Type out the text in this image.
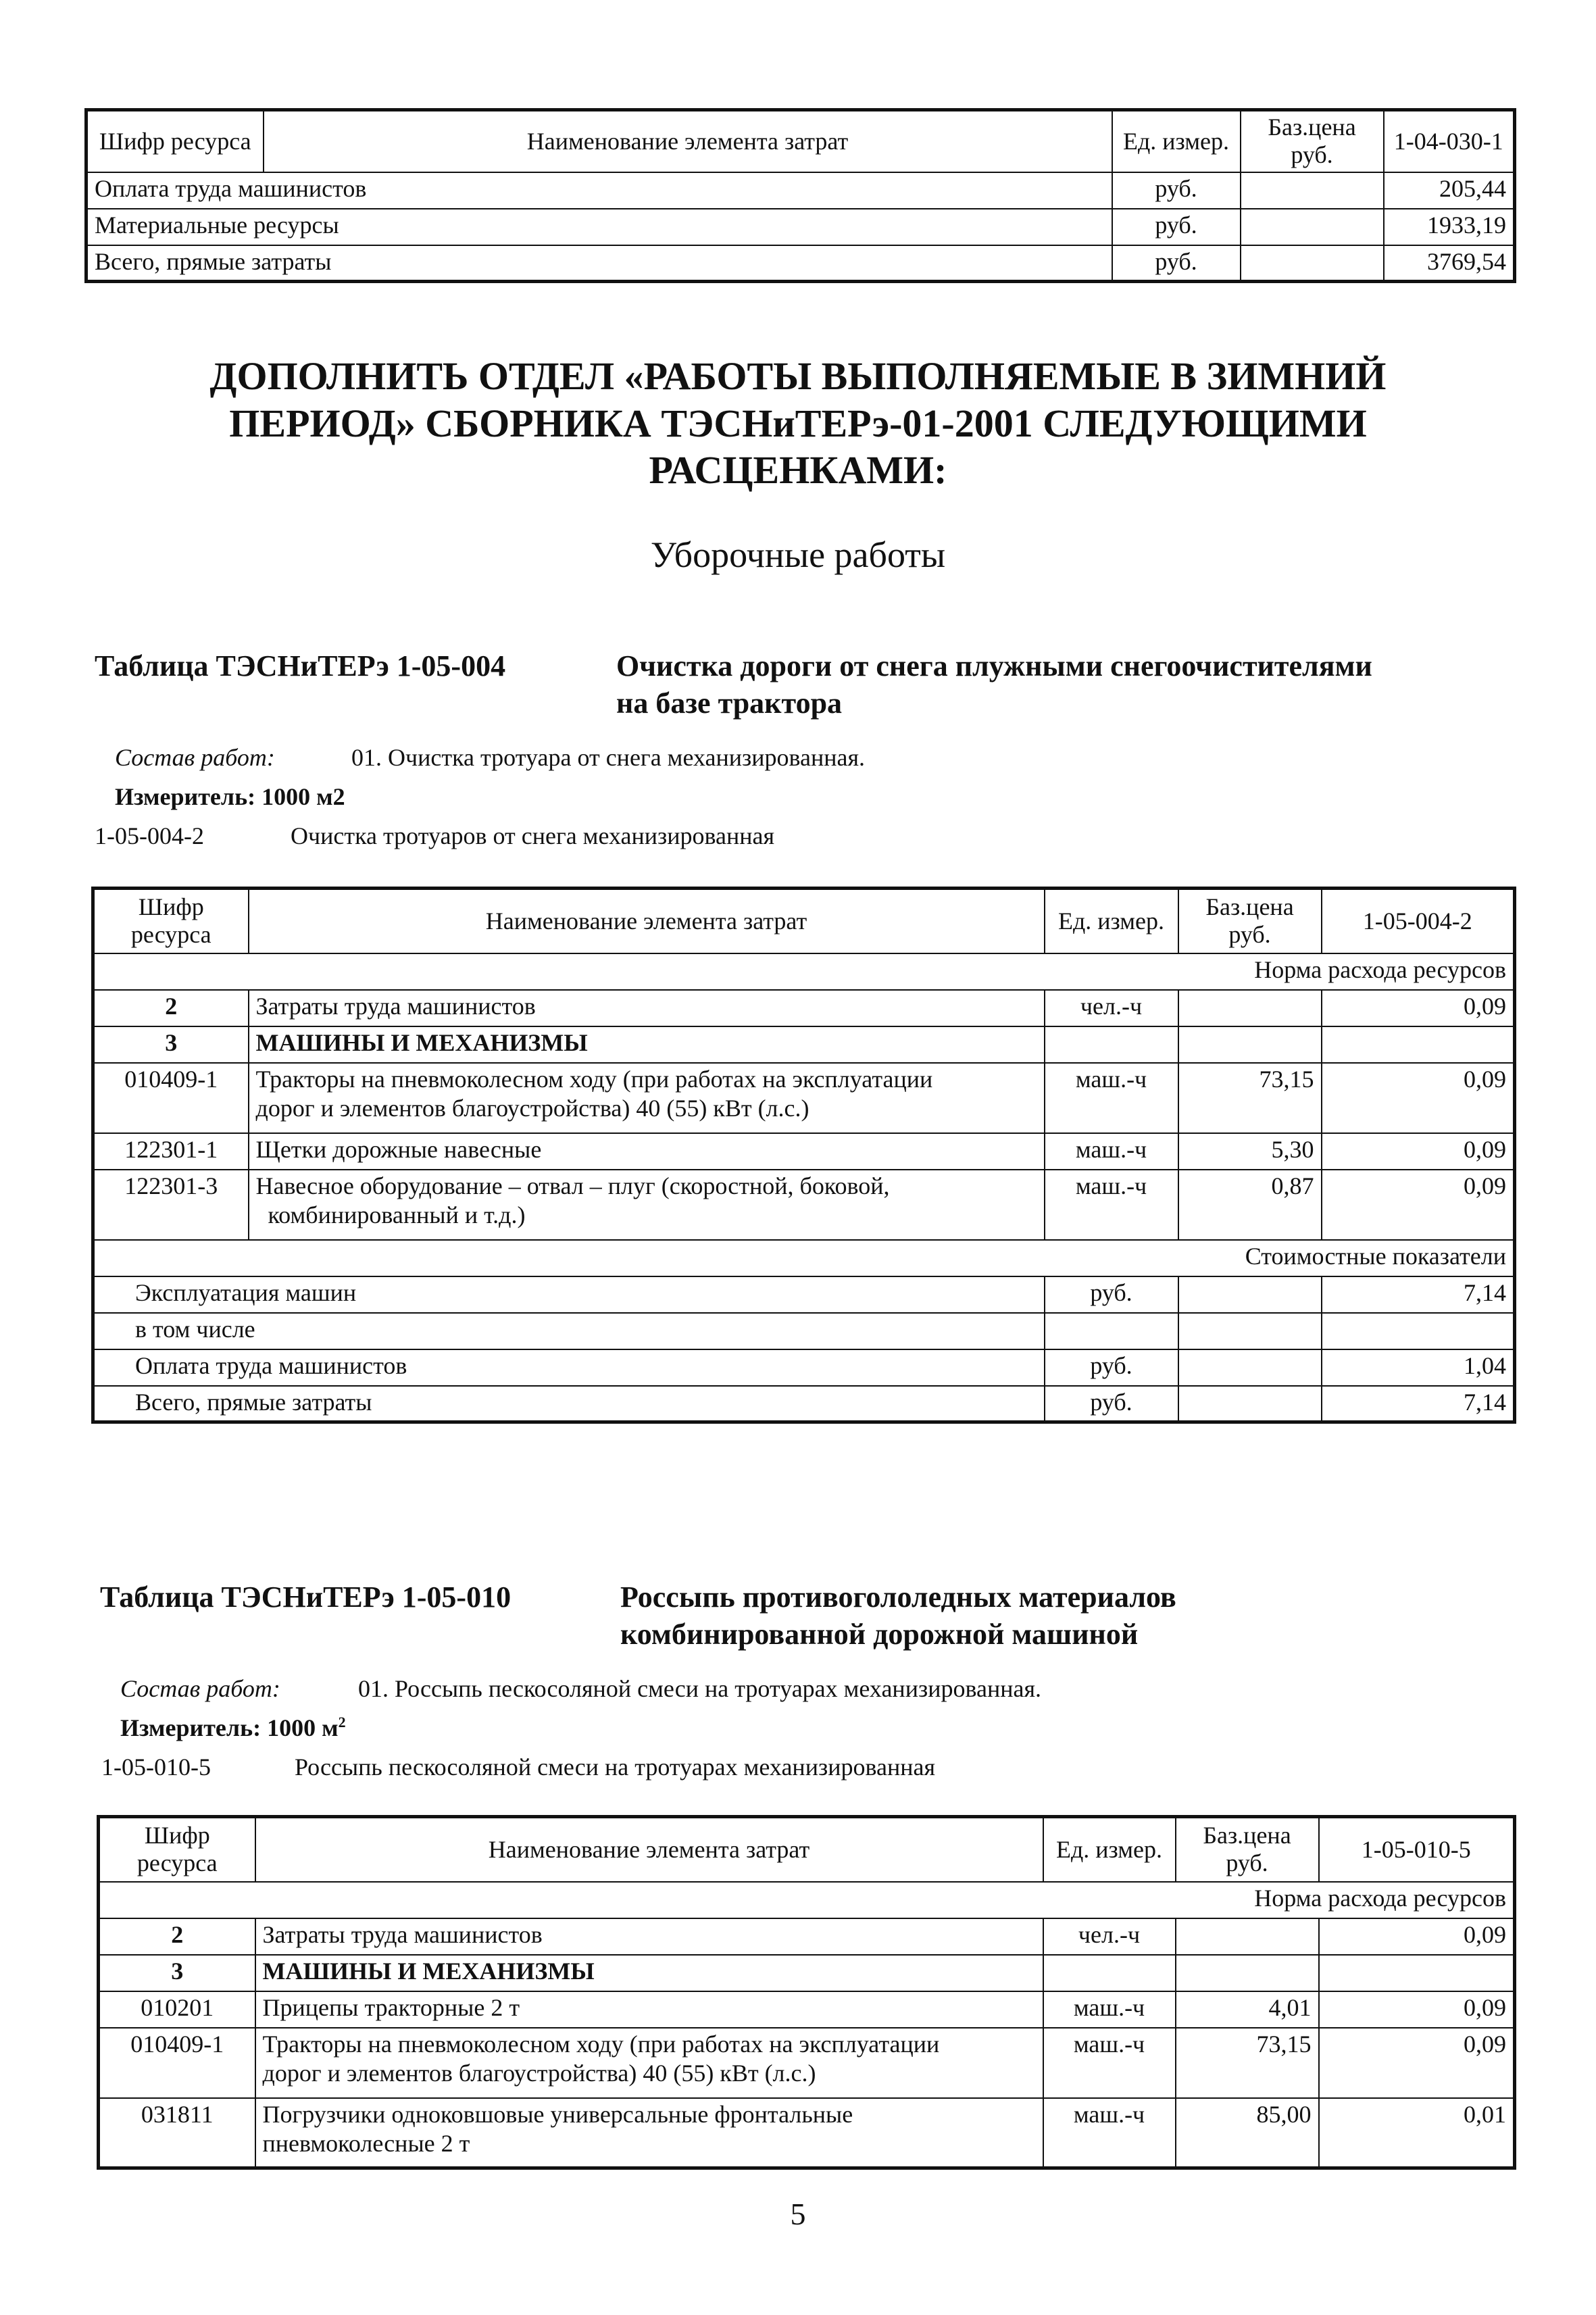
Шифр ресурса	Наименование элемента затрат	Ед. измер.	Баз.цена руб.	1-04-030-1
Оплата труда машинистов		руб.		205,44
Материальные ресурсы		руб.		1933,19
Всего, прямые затраты		руб.		3769,54
ДОПОЛНИТЬ ОТДЕЛ «РАБОТЫ ВЫПОЛНЯЕМЫЕ В ЗИМНИЙ
ПЕРИОД» СБОРНИКА ТЭСНиТЕРэ-01-2001 СЛЕДУЮЩИМИ
РАСЦЕНКАМИ:
Уборочные работы
Таблица ТЭСНиТЕРэ 1-05-004	Очистка дороги от снега плужными снегоочистителями
на базе трактора
Состав работ:	01. Очистка тротуара от снега механизированная.
Измеритель: 1000 м2
1-05-004-2	Очистка тротуаров от снега механизированная
Шифр ресурса	Наименование элемента затрат	Ед. измер.	Баз.цена руб.	1-05-004-2
Норма расхода ресурсов				
2	Затраты труда машинистов	чел.-ч		0,09
3	МАШИНЫ И МЕХАНИЗМЫ			
010409-1	Тракторы на пневмоколесном ходу (при работах на эксплуатации
дорог и элементов благоустройства) 40 (55) кВт (л.с.)	маш.-ч	73,15	0,09
122301-1	Щетки дорожные навесные	маш.-ч	5,30	0,09
122301-3	Навесное оборудование – отвал – плуг (скоростной, боковой,
комбинированный и т.д.)	маш.-ч	0,87	0,09
Стоимостные показатели				
Эксплуатация машин		руб.		7,14
в том числе				
Оплата труда машинистов		руб.		1,04
Всего, прямые затраты		руб.		7,14
Таблица ТЭСНиТЕРэ 1-05-010	Россыпь противогололедных материалов
комбинированной дорожной машиной
Состав работ:	01. Россыпь пескосоляной смеси на тротуарах механизированная.
Измеритель: 1000 $м^2$
1-05-010-5	Россыпь пескосоляной смеси на тротуарах механизированная
Шифр ресурса	Наименование элемента затрат	Ед. измер.	Баз.цена руб.	1-05-010-5
Норма расхода ресурсов				
2	Затраты труда машинистов	чел.-ч		0,09
3	МАШИНЫ И МЕХАНИЗМЫ			
010201	Прицепы тракторные 2 т	маш.-ч	4,01	0,09
010409-1	Тракторы на пневмоколесном ходу (при работах на эксплуатации
дорог и элементов благоустройства) 40 (55) кВт (л.с.)	маш.-ч	73,15	0,09
031811	Погрузчики одноковшовые универсальные фронтальные
пневмоколесные 2 т	маш.-ч	85,00	0,01
5
